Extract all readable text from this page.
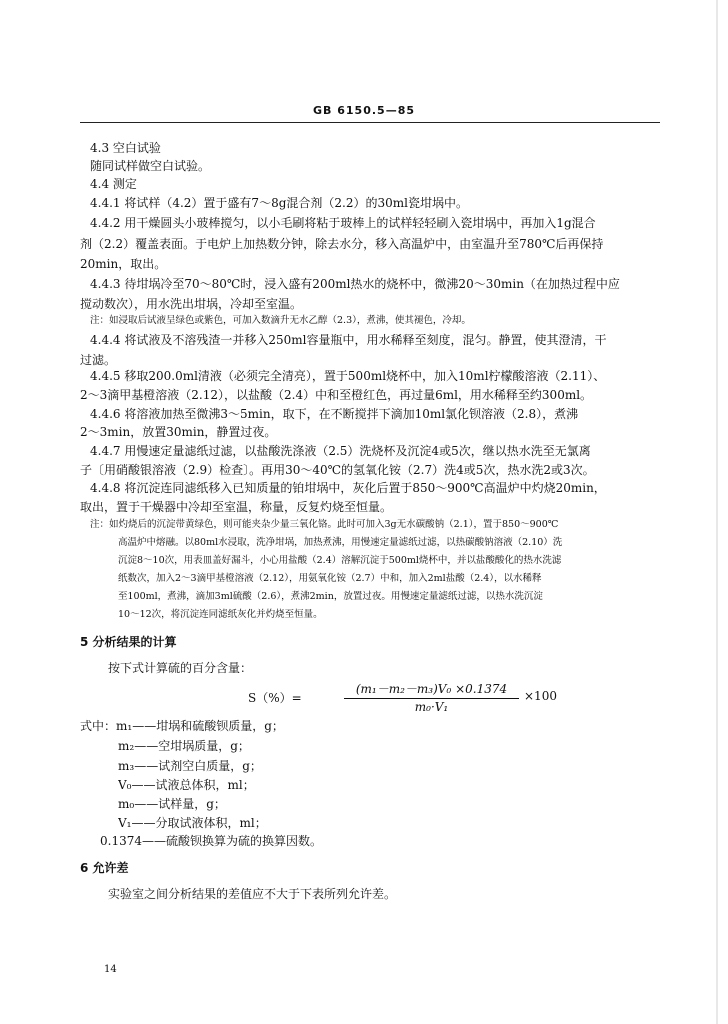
GB 6150.5—85
4.3 空白试验
随同试样做空白试验。
4.4 测定
4.4.1 将试样（4.2）置于盛有7～8g混合剂（2.2）的30ml瓷坩埚中。
4.4.2 用干燥圆头小玻棒搅匀，以小毛刷将粘于玻棒上的试样轻轻刷入瓷坩埚中，再加入1g混合
剂（2.2）覆盖表面。于电炉上加热数分钟，除去水分，移入高温炉中，由室温升至780℃后再保持
20min，取出。
4.4.3 待坩埚冷至70～80℃时，浸入盛有200ml热水的烧杯中，微沸20～30min（在加热过程中应
搅动数次），用水洗出坩埚，冷却至室温。
注：如浸取后试液呈绿色或紫色，可加入数滴升无水乙醇（2.3），煮沸，使其褪色，冷却。
4.4.4 将试液及不溶残渣一并移入250ml容量瓶中，用水稀释至刻度，混匀。静置，使其澄清，干
过滤。
4.4.5 移取200.0ml清液（必须完全清亮），置于500ml烧杯中，加入10ml柠檬酸溶液（2.11）、
2～3滴甲基橙溶液（2.12），以盐酸（2.4）中和至橙红色，再过量6ml，用水稀释至约300ml。
4.4.6 将溶液加热至微沸3～5min，取下，在不断搅拌下滴加10ml氯化钡溶液（2.8），煮沸
2～3min，放置30min，静置过夜。
4.4.7 用慢速定量滤纸过滤，以盐酸洗涤液（2.5）洗烧杯及沉淀4或5次，继以热水洗至无氯离
子〔用硝酸银溶液（2.9）检查〕。再用30～40℃的氢氧化铵（2.7）洗4或5次，热水洗2或3次。
4.4.8 将沉淀连同滤纸移入已知质量的铂坩埚中，灰化后置于850～900℃高温炉中灼烧20min，
取出，置于干燥器中冷却至室温，称量，反复灼烧至恒量。
注：如灼烧后的沉淀带黄绿色，则可能夹杂少量三氧化铬。此时可加入3g无水碳酸钠（2.1），置于850～900℃
高温炉中熔融。以80ml水浸取，洗净坩埚，加热煮沸，用慢速定量滤纸过滤，以热碳酸钠溶液（2.10）洗
沉淀8～10次，用表皿盖好漏斗，小心用盐酸（2.4）溶解沉淀于500ml烧杯中，并以盐酸酸化的热水洗滤
纸数次，加入2～3滴甲基橙溶液（2.12），用氨氧化铵（2.7）中和，加入2ml盐酸（2.4），以水稀释
至100ml，煮沸，滴加3ml硫酸（2.6），煮沸2min，放置过夜。用慢速定量滤纸过滤，以热水洗沉淀
10～12次，将沉淀连同滤纸灰化并灼烧至恒量。
5 分析结果的计算
按下式计算硫的百分含量：
式中：m₁——坩埚和硫酸钡质量，g；
m₂——空坩埚质量，g；
m₃——试剂空白质量，g；
V₀——试液总体积，ml；
m₀——试样量，g；
V₁——分取试液体积，ml；
0.1374——硫酸钡换算为硫的换算因数。
6 允许差
实验室之间分析结果的差值应不大于下表所列允许差。
S（%）=	$\frac{\text{(m₁－m₂－m₃)V₀ ×0.1374}}{\text{m₀·V₁}} \times 100$
14
